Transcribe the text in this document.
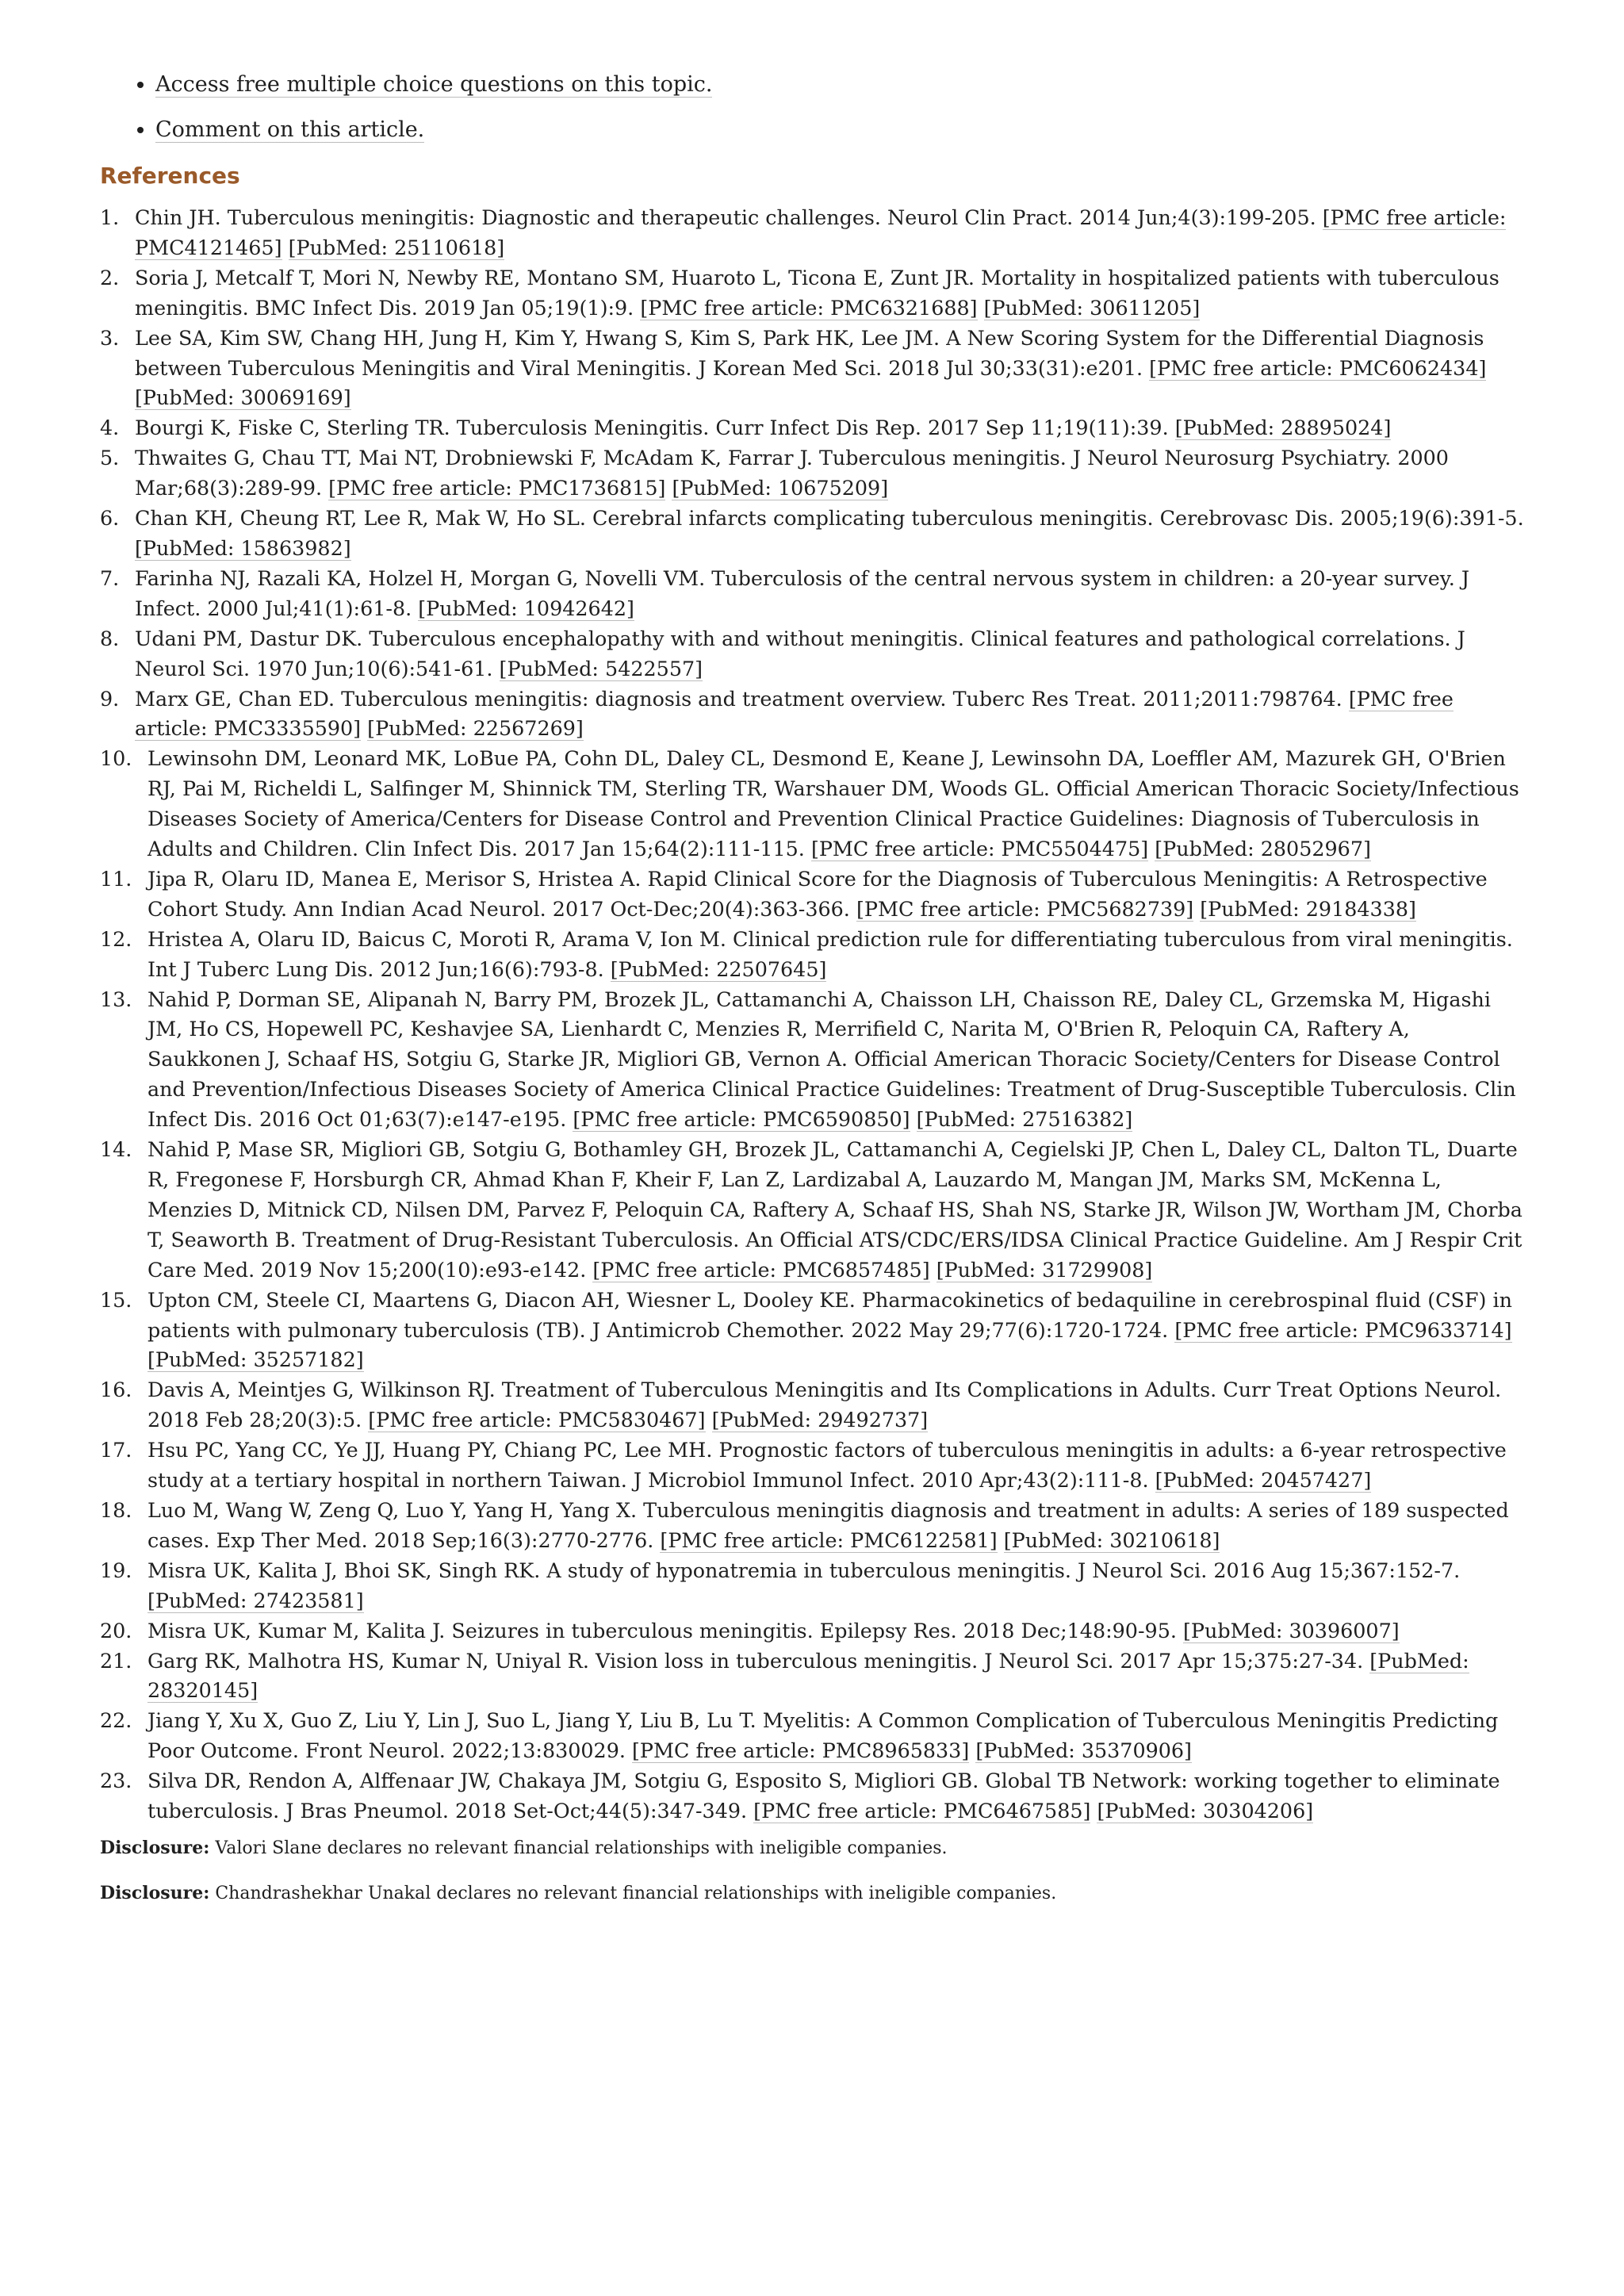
• Access free multiple choice questions on this topic.
• Comment on this article.
References
1. Chin JH. Tuberculous meningitis: Diagnostic and therapeutic challenges. Neurol Clin Pract. 2014 Jun;4(3):199-205. [PMC free article: PMC4121465] [PubMed: 25110618]
2. Soria J, Metcalf T, Mori N, Newby RE, Montano SM, Huaroto L, Ticona E, Zunt JR. Mortality in hospitalized patients with tuberculous meningitis. BMC Infect Dis. 2019 Jan 05;19(1):9. [PMC free article: PMC6321688] [PubMed: 30611205]
3. Lee SA, Kim SW, Chang HH, Jung H, Kim Y, Hwang S, Kim S, Park HK, Lee JM. A New Scoring System for the Differential Diagnosis between Tuberculous Meningitis and Viral Meningitis. J Korean Med Sci. 2018 Jul 30;33(31):e201. [PMC free article: PMC6062434] [PubMed: 30069169]
4. Bourgi K, Fiske C, Sterling TR. Tuberculosis Meningitis. Curr Infect Dis Rep. 2017 Sep 11;19(11):39. [PubMed: 28895024]
5. Thwaites G, Chau TT, Mai NT, Drobniewski F, McAdam K, Farrar J. Tuberculous meningitis. J Neurol Neurosurg Psychiatry. 2000 Mar;68(3):289-99. [PMC free article: PMC1736815] [PubMed: 10675209]
6. Chan KH, Cheung RT, Lee R, Mak W, Ho SL. Cerebral infarcts complicating tuberculous meningitis. Cerebrovasc Dis. 2005;19(6):391-5. [PubMed: 15863982]
7. Farinha NJ, Razali KA, Holzel H, Morgan G, Novelli VM. Tuberculosis of the central nervous system in children: a 20-year survey. J Infect. 2000 Jul;41(1):61-8. [PubMed: 10942642]
8. Udani PM, Dastur DK. Tuberculous encephalopathy with and without meningitis. Clinical features and pathological correlations. J Neurol Sci. 1970 Jun;10(6):541-61. [PubMed: 5422557]
9. Marx GE, Chan ED. Tuberculous meningitis: diagnosis and treatment overview. Tuberc Res Treat. 2011;2011:798764. [PMC free article: PMC3335590] [PubMed: 22567269]
10. Lewinsohn DM, Leonard MK, LoBue PA, Cohn DL, Daley CL, Desmond E, Keane J, Lewinsohn DA, Loeffler AM, Mazurek GH, O'Brien RJ, Pai M, Richeldi L, Salfinger M, Shinnick TM, Sterling TR, Warshauer DM, Woods GL. Official American Thoracic Society/Infectious Diseases Society of America/Centers for Disease Control and Prevention Clinical Practice Guidelines: Diagnosis of Tuberculosis in Adults and Children. Clin Infect Dis. 2017 Jan 15;64(2):111-115. [PMC free article: PMC5504475] [PubMed: 28052967]
11. Jipa R, Olaru ID, Manea E, Merisor S, Hristea A. Rapid Clinical Score for the Diagnosis of Tuberculous Meningitis: A Retrospective Cohort Study. Ann Indian Acad Neurol. 2017 Oct-Dec;20(4):363-366. [PMC free article: PMC5682739] [PubMed: 29184338]
12. Hristea A, Olaru ID, Baicus C, Moroti R, Arama V, Ion M. Clinical prediction rule for differentiating tuberculous from viral meningitis. Int J Tuberc Lung Dis. 2012 Jun;16(6):793-8. [PubMed: 22507645]
13. Nahid P, Dorman SE, Alipanah N, Barry PM, Brozek JL, Cattamanchi A, Chaisson LH, Chaisson RE, Daley CL, Grzemska M, Higashi JM, Ho CS, Hopewell PC, Keshavjee SA, Lienhardt C, Menzies R, Merrifield C, Narita M, O'Brien R, Peloquin CA, Raftery A, Saukkonen J, Schaaf HS, Sotgiu G, Starke JR, Migliori GB, Vernon A. Official American Thoracic Society/Centers for Disease Control and Prevention/Infectious Diseases Society of America Clinical Practice Guidelines: Treatment of Drug-Susceptible Tuberculosis. Clin Infect Dis. 2016 Oct 01;63(7):e147-e195. [PMC free article: PMC6590850] [PubMed: 27516382]
14. Nahid P, Mase SR, Migliori GB, Sotgiu G, Bothamley GH, Brozek JL, Cattamanchi A, Cegielski JP, Chen L, Daley CL, Dalton TL, Duarte R, Fregonese F, Horsburgh CR, Ahmad Khan F, Kheir F, Lan Z, Lardizabal A, Lauzardo M, Mangan JM, Marks SM, McKenna L, Menzies D, Mitnick CD, Nilsen DM, Parvez F, Peloquin CA, Raftery A, Schaaf HS, Shah NS, Starke JR, Wilson JW, Wortham JM, Chorba T, Seaworth B. Treatment of Drug-Resistant Tuberculosis. An Official ATS/CDC/ERS/IDSA Clinical Practice Guideline. Am J Respir Crit Care Med. 2019 Nov 15;200(10):e93-e142. [PMC free article: PMC6857485] [PubMed: 31729908]
15. Upton CM, Steele CI, Maartens G, Diacon AH, Wiesner L, Dooley KE. Pharmacokinetics of bedaquiline in cerebrospinal fluid (CSF) in patients with pulmonary tuberculosis (TB). J Antimicrob Chemother. 2022 May 29;77(6):1720-1724. [PMC free article: PMC9633714] [PubMed: 35257182]
16. Davis A, Meintjes G, Wilkinson RJ. Treatment of Tuberculous Meningitis and Its Complications in Adults. Curr Treat Options Neurol. 2018 Feb 28;20(3):5. [PMC free article: PMC5830467] [PubMed: 29492737]
17. Hsu PC, Yang CC, Ye JJ, Huang PY, Chiang PC, Lee MH. Prognostic factors of tuberculous meningitis in adults: a 6-year retrospective study at a tertiary hospital in northern Taiwan. J Microbiol Immunol Infect. 2010 Apr;43(2):111-8. [PubMed: 20457427]
18. Luo M, Wang W, Zeng Q, Luo Y, Yang H, Yang X. Tuberculous meningitis diagnosis and treatment in adults: A series of 189 suspected cases. Exp Ther Med. 2018 Sep;16(3):2770-2776. [PMC free article: PMC6122581] [PubMed: 30210618]
19. Misra UK, Kalita J, Bhoi SK, Singh RK. A study of hyponatremia in tuberculous meningitis. J Neurol Sci. 2016 Aug 15;367:152-7. [PubMed: 27423581]
20. Misra UK, Kumar M, Kalita J. Seizures in tuberculous meningitis. Epilepsy Res. 2018 Dec;148:90-95. [PubMed: 30396007]
21. Garg RK, Malhotra HS, Kumar N, Uniyal R. Vision loss in tuberculous meningitis. J Neurol Sci. 2017 Apr 15;375:27-34. [PubMed: 28320145]
22. Jiang Y, Xu X, Guo Z, Liu Y, Lin J, Suo L, Jiang Y, Liu B, Lu T. Myelitis: A Common Complication of Tuberculous Meningitis Predicting Poor Outcome. Front Neurol. 2022;13:830029. [PMC free article: PMC8965833] [PubMed: 35370906]
23. Silva DR, Rendon A, Alffenaar JW, Chakaya JM, Sotgiu G, Esposito S, Migliori GB. Global TB Network: working together to eliminate tuberculosis. J Bras Pneumol. 2018 Set-Oct;44(5):347-349. [PMC free article: PMC6467585] [PubMed: 30304206]

Disclosure: Valori Slane declares no relevant financial relationships with ineligible companies.

Disclosure: Chandrashekhar Unakal declares no relevant financial relationships with ineligible companies.
